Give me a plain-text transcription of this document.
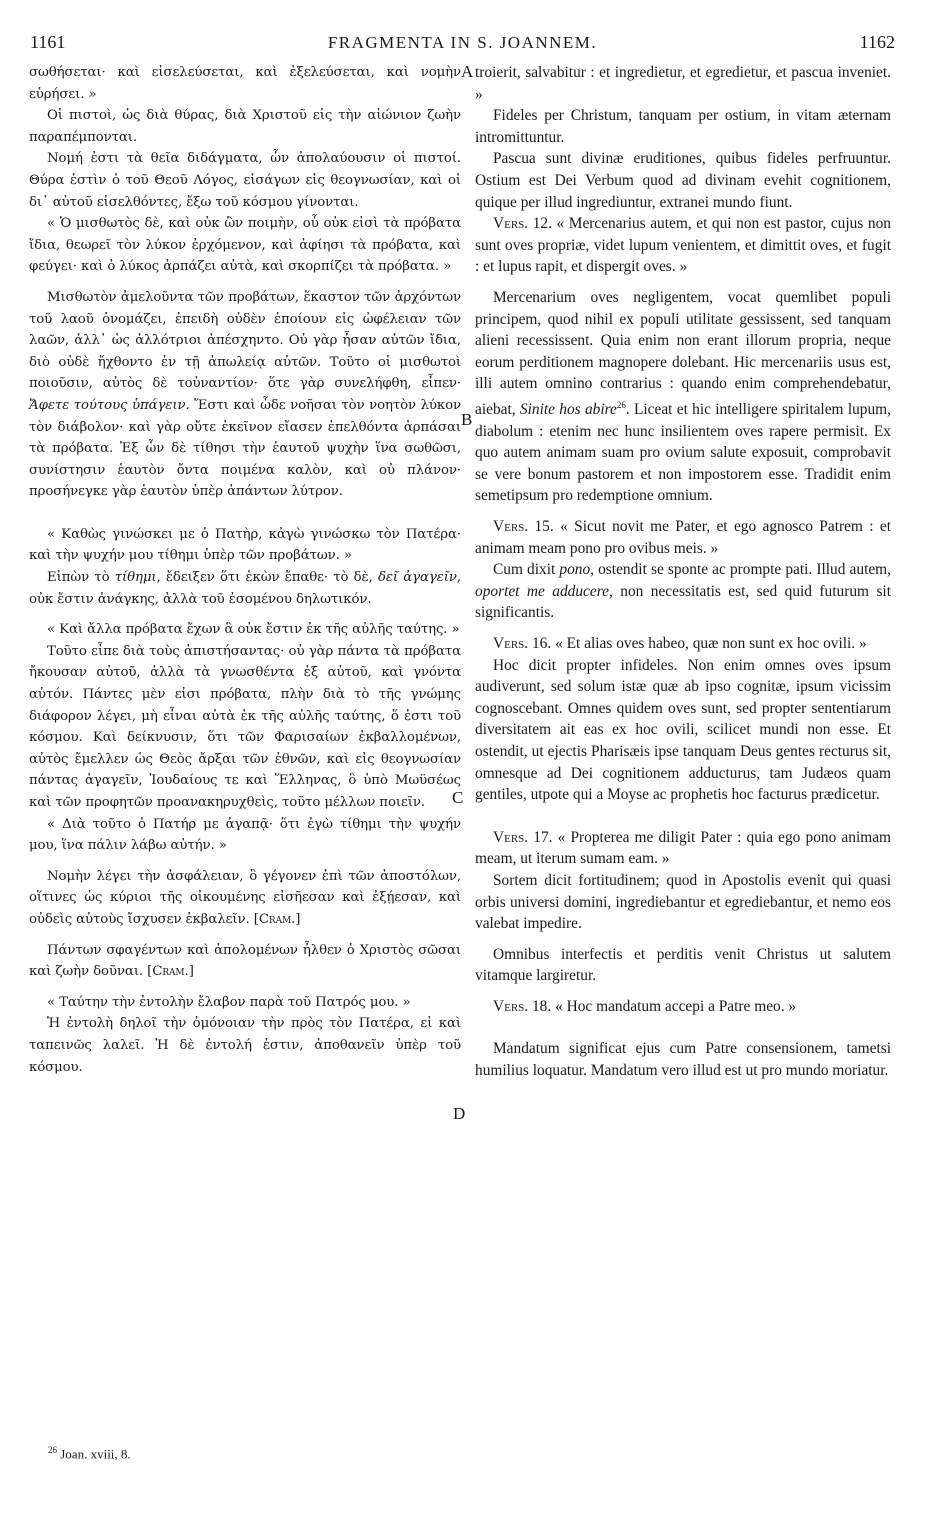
1161	FRAGMENTA IN S. JOANNEM.	1162

σωθήσεται· καὶ εἰσελεύσεται, καὶ ἐξελεύσεται, καὶ νομὴν εὑρήσει. »

Οἱ πιστοὶ, ὡς διὰ θύρας, διὰ Χριστοῦ εἰς τὴν αἰώνιον ζωὴν παραπέμπονται.

Νομή ἐστι τὰ θεῖα διδάγματα, ὧν ἀπολαύουσιν οἱ πιστοί. Θύρα ἐστὶν ὁ τοῦ Θεοῦ Λόγος, εἰσάγων εἰς θεογνωσίαν, καὶ οἱ δι᾽ αὐτοῦ εἰσελθόντες, ἔξω τοῦ κόσμου γίνονται.

« Ὁ μισθωτὸς δὲ, καὶ οὐκ ὢν ποιμὴν, οὗ οὐκ εἰσὶ τὰ πρόβατα ἴδια, θεωρεῖ τὸν λύκον ἐρχόμενον, καὶ ἀφίησι τὰ πρόβατα, καὶ φεύγει· καὶ ὁ λύκος ἁρπάζει αὐτὰ, καὶ σκορπίζει τὰ πρόβατα. »

Μισθωτὸν ἀμελοῦντα τῶν προβάτων, ἕκαστον τῶν ἀρχόντων τοῦ λαοῦ ὀνομάζει, ἐπειδὴ οὐδὲν ἐποίουν εἰς ὠφέλειαν τῶν λαῶν, ἀλλ᾽ ὡς ἀλλότριοι ἀπέσχηντο. Οὐ γὰρ ἦσαν αὐτῶν ἴδια, διὸ οὐδὲ ἤχθοντο ἐν τῇ ἀπωλείᾳ αὐτῶν. Τοῦτο οἱ μισθωτοὶ ποιοῦσιν, αὐτὸς δὲ τοὐναντίον· ὅτε γὰρ συνελήφθη, εἶπεν· Ἄφετε τούτους ὑπάγειν. Ἔστι καὶ ὧδε νοῆσαι τὸν νοητὸν λύκον τὸν διάβολον· καὶ γὰρ οὔτε ἐκεῖνον εἴασεν ἐπελθόντα ἁρπάσαι τὰ πρόβατα. Ἐξ ὧν δὲ τίθησι τὴν ἑαυτοῦ ψυχὴν ἵνα σωθῶσι, συνίστησιν ἑαυτὸν ὄντα ποιμένα καλὸν, καὶ οὐ πλάνον· προσήνεγκε γὰρ ἑαυτὸν ὑπὲρ ἁπάντων λύτρον.

« Καθὼς γινώσκει με ὁ Πατὴρ, κἀγὼ γινώσκω τὸν Πατέρα· καὶ τὴν ψυχήν μου τίθημι ὑπὲρ τῶν προβάτων. »

Εἰπὼν τὸ τίθημι, ἔδειξεν ὅτι ἑκὼν ἔπαθε· τὸ δὲ, δεῖ ἀγαγεῖν, οὐκ ἔστιν ἀνάγκης, ἀλλὰ τοῦ ἐσομένου δηλωτικόν.

« Καὶ ἄλλα πρόβατα ἔχων ἃ οὐκ ἔστιν ἐκ τῆς αὐλῆς ταύτης. »

Τοῦτο εἶπε διὰ τοὺς ἀπιστήσαντας· οὐ γὰρ πάντα τὰ πρόβατα ἤκουσαν αὐτοῦ, ἀλλὰ τὰ γνωσθέντα ἐξ αὐτοῦ, καὶ γνόντα αὐτόν. Πάντες μὲν εἰσι πρόβατα, πλὴν διὰ τὸ τῆς γνώμης διάφορον λέγει, μὴ εἶναι αὐτὰ ἐκ τῆς αὐλῆς ταύτης, ὅ ἐστι τοῦ κόσμου. Καὶ δείκνυσιν, ὅτι τῶν Φαρισαίων ἐκβαλλομένων, αὐτὸς ἔμελλεν ὡς Θεὸς ἄρξαι τῶν ἐθνῶν, καὶ εἰς θεογνωσίαν πάντας ἀγαγεῖν, Ἰουδαίους τε καὶ Ἕλληνας, ὃ ὑπὸ Μωϋσέως καὶ τῶν προφητῶν προανακηρυχθεὶς, τοῦτο μέλλων ποιεῖν.

« Διὰ τοῦτο ὁ Πατήρ με ἀγαπᾷ· ὅτι ἐγὼ τίθημι τὴν ψυχήν μου, ἵνα πάλιν λάβω αὐτήν. »

Νομὴν λέγει τὴν ἀσφάλειαν, ὃ γέγονεν ἐπὶ τῶν ἀποστόλων, οἵτινες ὡς κύριοι τῆς οἰκουμένης εἰσῆεσαν καὶ ἐξῄεσαν, καὶ οὐδεὶς αὐτοὺς ἴσχυσεν ἐκβαλεῖν. [Cram.]

Πάντων σφαγέντων καὶ ἀπολομένων ἦλθεν ὁ Χριστὸς σῶσαι καὶ ζωὴν δοῦναι. [Cram.]

« Ταύτην τὴν ἐντολὴν ἔλαβον παρὰ τοῦ Πατρός μου. »

Ἡ ἐντολὴ δηλοῖ τὴν ὁμόνοιαν τὴν πρὸς τὸν Πατέρα, εἰ καὶ ταπεινῶς λαλεῖ. Ἡ δὲ ἐντολή ἐστιν, ἀποθανεῖν ὑπὲρ τοῦ κόσμου.

troierit, salvabitur : et ingredietur, et egredietur, et pascua inveniet. »

Fideles per Christum, tanquam per ostium, in vitam æternam intromittuntur.

Pascua sunt divinæ eruditiones, quibus fideles perfruuntur. Ostium est Dei Verbum quod ad divinam evehit cognitionem, quique per illud ingrediuntur, extranei mundo fiunt.

Vers. 12. « Mercenarius autem, et qui non est pastor, cujus non sunt oves propriæ, videt lupum venientem, et dimittit oves, et fugit : et lupus rapit, et dispergit oves. »

Mercenarium oves negligentem, vocat quemlibet populi principem, quod nihil ex populi utilitate gessissent, sed tanquam alieni recessissent. Quia enim non erant illorum propria, neque eorum perditionem magnopere dolebant. Hic mercenariis usus est, illi autem omnino contrarius : quando enim comprehendebatur, aiebat, Sinite hos abire$^{26}$. Liceat et hic intelligere spiritalem lupum, diabolum : etenim nec hunc insilientem oves rapere permisit. Ex quo autem animam suam pro ovium salute exposuit, comprobavit se vere bonum pastorem et non impostorem esse. Tradidit enim semetipsum pro redemptione omnium.

Vers. 15. « Sicut novit me Pater, et ego agnosco Patrem : et animam meam pono pro ovibus meis. »

Cum dixit pono, ostendit se sponte ac prompte pati. Illud autem, oportet me adducere, non necessitatis est, sed quid futurum sit significantis.

Vers. 16. « Et alias oves habeo, quæ non sunt ex hoc ovili. »

Hoc dicit propter infideles. Non enim omnes oves ipsum audiverunt, sed solum istæ quæ ab ipso cognitæ, ipsum vicissim cognoscebant. Omnes quidem oves sunt, sed propter sententiarum diversitatem ait eas ex hoc ovili, scilicet mundi non esse. Et ostendit, ut ejectis Pharisæis ipse tanquam Deus gentes recturus sit, omnesque ad Dei cognitionem adducturus, tam Judæos quam gentiles, utpote qui a Moyse ac prophetis hoc facturus prædicetur.

Vers. 17. « Propterea me diligit Pater : quia ego pono animam meam, ut iterum sumam eam. »

Sortem dicit fortitudinem; quod in Apostolis evenit qui quasi orbis universi domini, ingrediebantur et egrediebantur, et nemo eos valebat impedire.

Omnibus interfectis et perditis venit Christus ut salutem vitamque largiretur.

Vers. 18. « Hoc mandatum accepi a Patre meo. »

Mandatum significat ejus cum Patre consensionem, tametsi humilius loquatur. Mandatum vero illud est ut pro mundo moriatur.

A
B
C
D
$^{26}$ Joan. xviii, 8.
